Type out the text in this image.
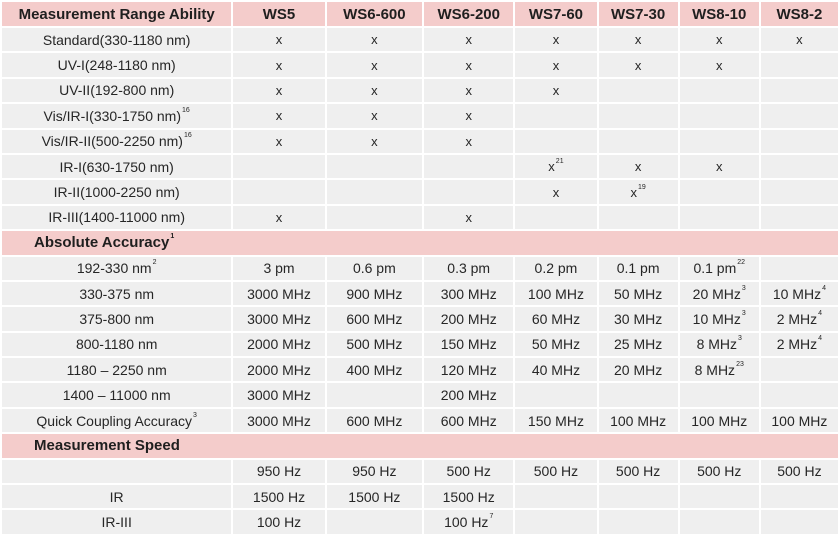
Measurement Range Ability	WS5	WS6-600	WS6-200	WS7-60	WS7-30	WS8-10	WS8-2
Standard(330-1180 nm)	x	x	x	x	x	x	x
UV-I(248-1180 nm)	x	x	x	x	x	x	
UV-II(192-800 nm)	x	x	x	x			
Vis/IR-I(330-1750 nm)$^{16}$	x	x	x				
Vis/IR-II(500-2250 nm)$^{16}$	x	x	x				
IR-I(630-1750 nm)				$x^{21}$	x	x	
IR-II(1000-2250 nm)				x	$x^{19}$		
IR-III(1400-11000 nm)	x		x				
Absolute Accuracy$^1$
192-330 $nm^2$	3 pm	0.6 pm	0.3 pm	0.2 pm	0.1 pm	0.1 $pm^{22}$	
330-375 nm	3000 MHz	900 MHz	300 MHz	100 MHz	50 MHz	20 MHz$^3$	10 MHz$^4$
375-800 nm	3000 MHz	600 MHz	200 MHz	60 MHz	30 MHz	10 MHz$^3$	2 MHz$^4$
800-1180 nm	2000 MHz	500 MHz	150 MHz	50 MHz	25 MHz	8 MHz$^3$	2 MHz$^4$
1180 – 2250 nm	2000 MHz	400 MHz	120 MHz	40 MHz	20 MHz	8 MHz$^{23}$	
1400 – 11000 nm	3000 MHz		200 MHz				
Quick Coupling Accuracy$^3$	3000 MHz	600 MHz	600 MHz	150 MHz	100 MHz	100 MHz	100 MHz
Measurement Speed							
	950 Hz	950 Hz	500 Hz	500 Hz	500 Hz	500 Hz	500 Hz
IR	1500 Hz	1500 Hz	1500 Hz				
IR-III	100 Hz		100 Hz$^7$				
